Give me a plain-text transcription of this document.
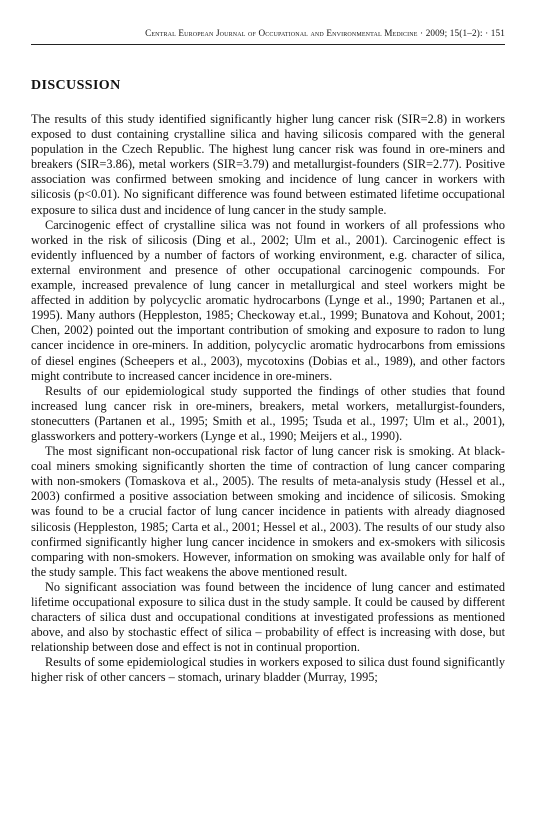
Central European Journal of Occupational and Environmental Medicine · 2009; 15(1–2): · 151
DISCUSSION

The results of this study identified significantly higher lung cancer risk (SIR=2.8) in workers exposed to dust containing crystalline silica and having silicosis compared with the general population in the Czech Republic. The highest lung cancer risk was found in ore-miners and breakers (SIR=3.86), metal workers (SIR=3.79) and metallurgist-founders (SIR=2.77). Positive association was confirmed between smoking and incidence of lung cancer in workers with silicosis (p<0.01). No significant difference was found between estimated lifetime occupational exposure to silica dust and incidence of lung cancer in the study sample.

Carcinogenic effect of crystalline silica was not found in workers of all professions who worked in the risk of silicosis (Ding et al., 2002; Ulm et al., 2001). Carcinogenic effect is evidently influenced by a number of factors of working environment, e.g. character of silica, external environment and presence of other occupational carcinogenic compounds. For example, increased prevalence of lung cancer in metallurgical and steel workers might be affected in addition by polycyclic aromatic hydrocarbons (Lynge et al., 1990; Partanen et al., 1995). Many authors (Heppleston, 1985; Checkoway et.al., 1999; Bunatova and Kohout, 2001; Chen, 2002) pointed out the important contribution of smoking and exposure to radon to lung cancer incidence in ore-miners. In addition, polycyclic aromatic hydrocarbons from emissions of diesel engines (Scheepers et al., 2003), mycotoxins (Dobias et al., 1989), and other factors might contribute to increased cancer incidence in ore-miners.

Results of our epidemiological study supported the findings of other studies that found increased lung cancer risk in ore-miners, breakers, metal workers, metallurgist-founders, stonecutters (Partanen et al., 1995; Smith et al., 1995; Tsuda et al., 1997; Ulm et al., 2001), glassworkers and pottery-workers (Lynge et al., 1990; Meijers et al., 1990).

The most significant non-occupational risk factor of lung cancer risk is smoking. At black-coal miners smoking significantly shorten the time of contraction of lung cancer comparing with non-smokers (Tomaskova et al., 2005). The results of meta-analysis study (Hessel et al., 2003) confirmed a positive association between smoking and incidence of silicosis. Smoking was found to be a crucial factor of lung cancer incidence in patients with already diagnosed silicosis (Heppleston, 1985; Carta et al., 2001; Hessel et al., 2003). The results of our study also confirmed significantly higher lung cancer incidence in smokers and ex-smokers with silicosis comparing with non-smokers. However, information on smoking was available only for half of the study sample. This fact weakens the above mentioned result.

No significant association was found between the incidence of lung cancer and estimated lifetime occupational exposure to silica dust in the study sample. It could be caused by different characters of silica dust and occupational conditions at investigated professions as mentioned above, and also by stochastic effect of silica – probability of effect is increasing with dose, but relationship between dose and effect is not in continual proportion.

Results of some epidemiological studies in workers exposed to silica dust found significantly higher risk of other cancers – stomach, urinary bladder (Murray, 1995;
